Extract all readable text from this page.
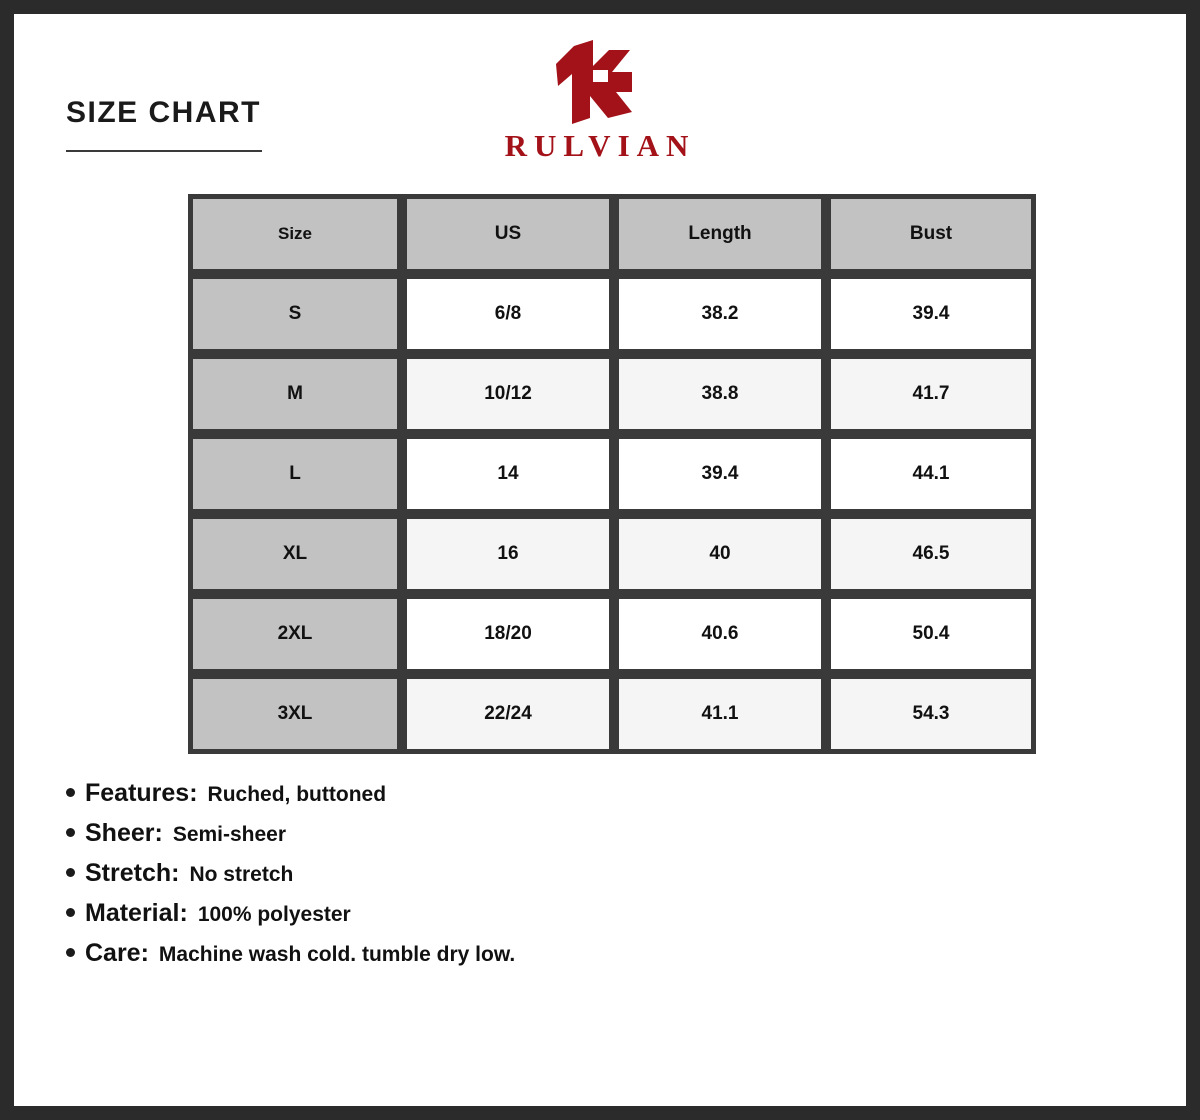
SIZE CHART
RULVIAN
Size	US	Length	Bust
S	6/8	38.2	39.4
M	10/12	38.8	41.7
L	14	39.4	44.1
XL	16	40	46.5
2XL	18/20	40.6	50.4
3XL	22/24	41.1	54.3
Features: Ruched, buttoned
Sheer: Semi-sheer
Stretch: No stretch
Material: 100% polyester
Care: Machine wash cold. tumble dry low.
